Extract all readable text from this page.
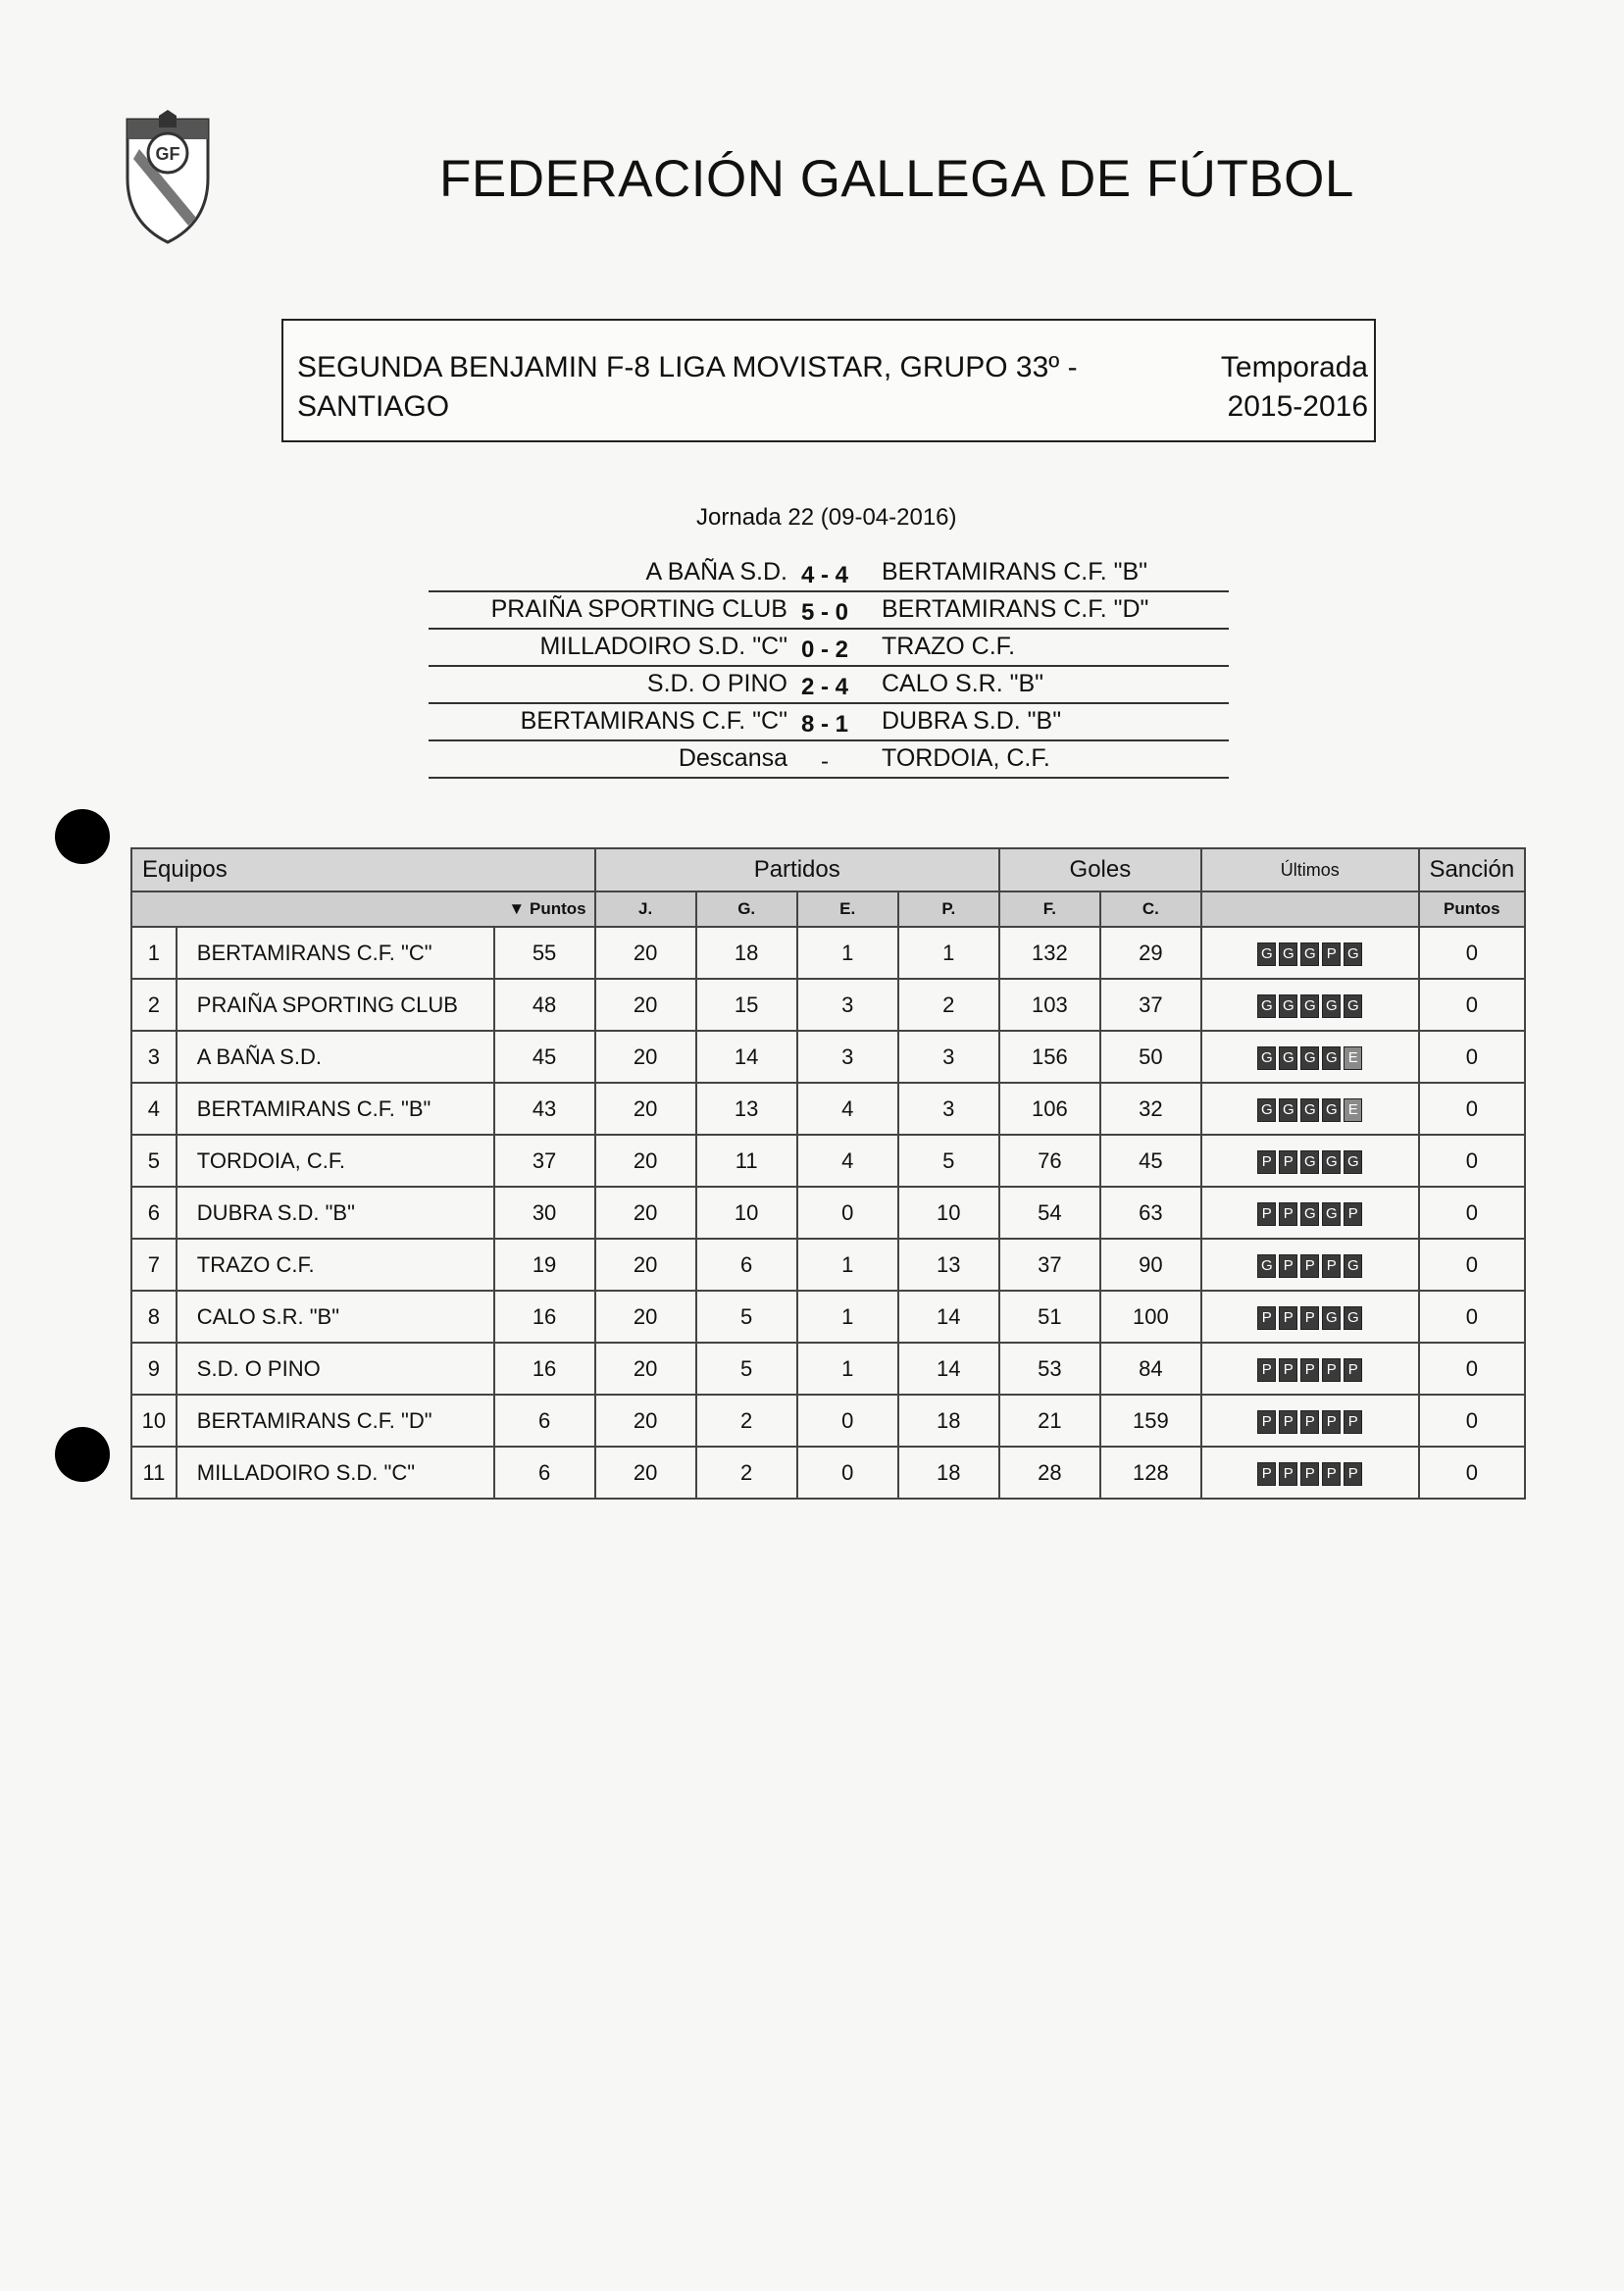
GF	FEDERACIÓN GALLEGA DE FÚTBOL
SEGUNDA BENJAMIN F-8 LIGA MOVISTAR, GRUPO 33º - SANTIAGO
Temporada
2015-2016
Jornada 22 (09-04-2016)
A BAÑA S.D. 4 - 4	BERTAMIRANS C.F. "B"
PRAIÑA SPORTING CLUB 5 - 0	BERTAMIRANS C.F. "D"
MILLADOIRO S.D. "C" 0 - 2	TRAZO C.F.
S.D. O PINO 2 - 4	CALO S.R. "B"
BERTAMIRANS C.F. "C" 8 - 1	DUBRA S.D. "B"
Descansa	-	TORDOIA, C.F.
Equipos			Partidos				Goles		Últimos	Sanción
▼ Puntos			J.	G.	E.	P.	F.	C.		Puntos
1	BERTAMIRANS C.F. "C"	55	20	18	1	1	132	29	G G G P G	0
2	PRAIÑA SPORTING CLUB	48	20	15	3	2	103	37	G G G G G	0
3	A BAÑA S.D.	45	20	14	3	3	156	50	G G G G E	0
4	BERTAMIRANS C.F. "B"	43	20	13	4	3	106	32	G G G G E	0
5	TORDOIA, C.F.	37	20	11	4	5	76	45	P P G G G	0
6	DUBRA S.D. "B"	30	20	10	0	10	54	63	P P G G P	0
7	TRAZO C.F.	19	20	6	1	13	37	90	G P P P G	0
8	CALO S.R. "B"	16	20	5	1	14	51	100	P P P G G	0
9	S.D. O PINO	16	20	5	1	14	53	84	P P P P P	0
10	BERTAMIRANS C.F. "D"	6	20	2	0	18	21	159	P P P P P	0
11	MILLADOIRO S.D. "C"	6	20	2	0	18	28	128	P P P P P	0
